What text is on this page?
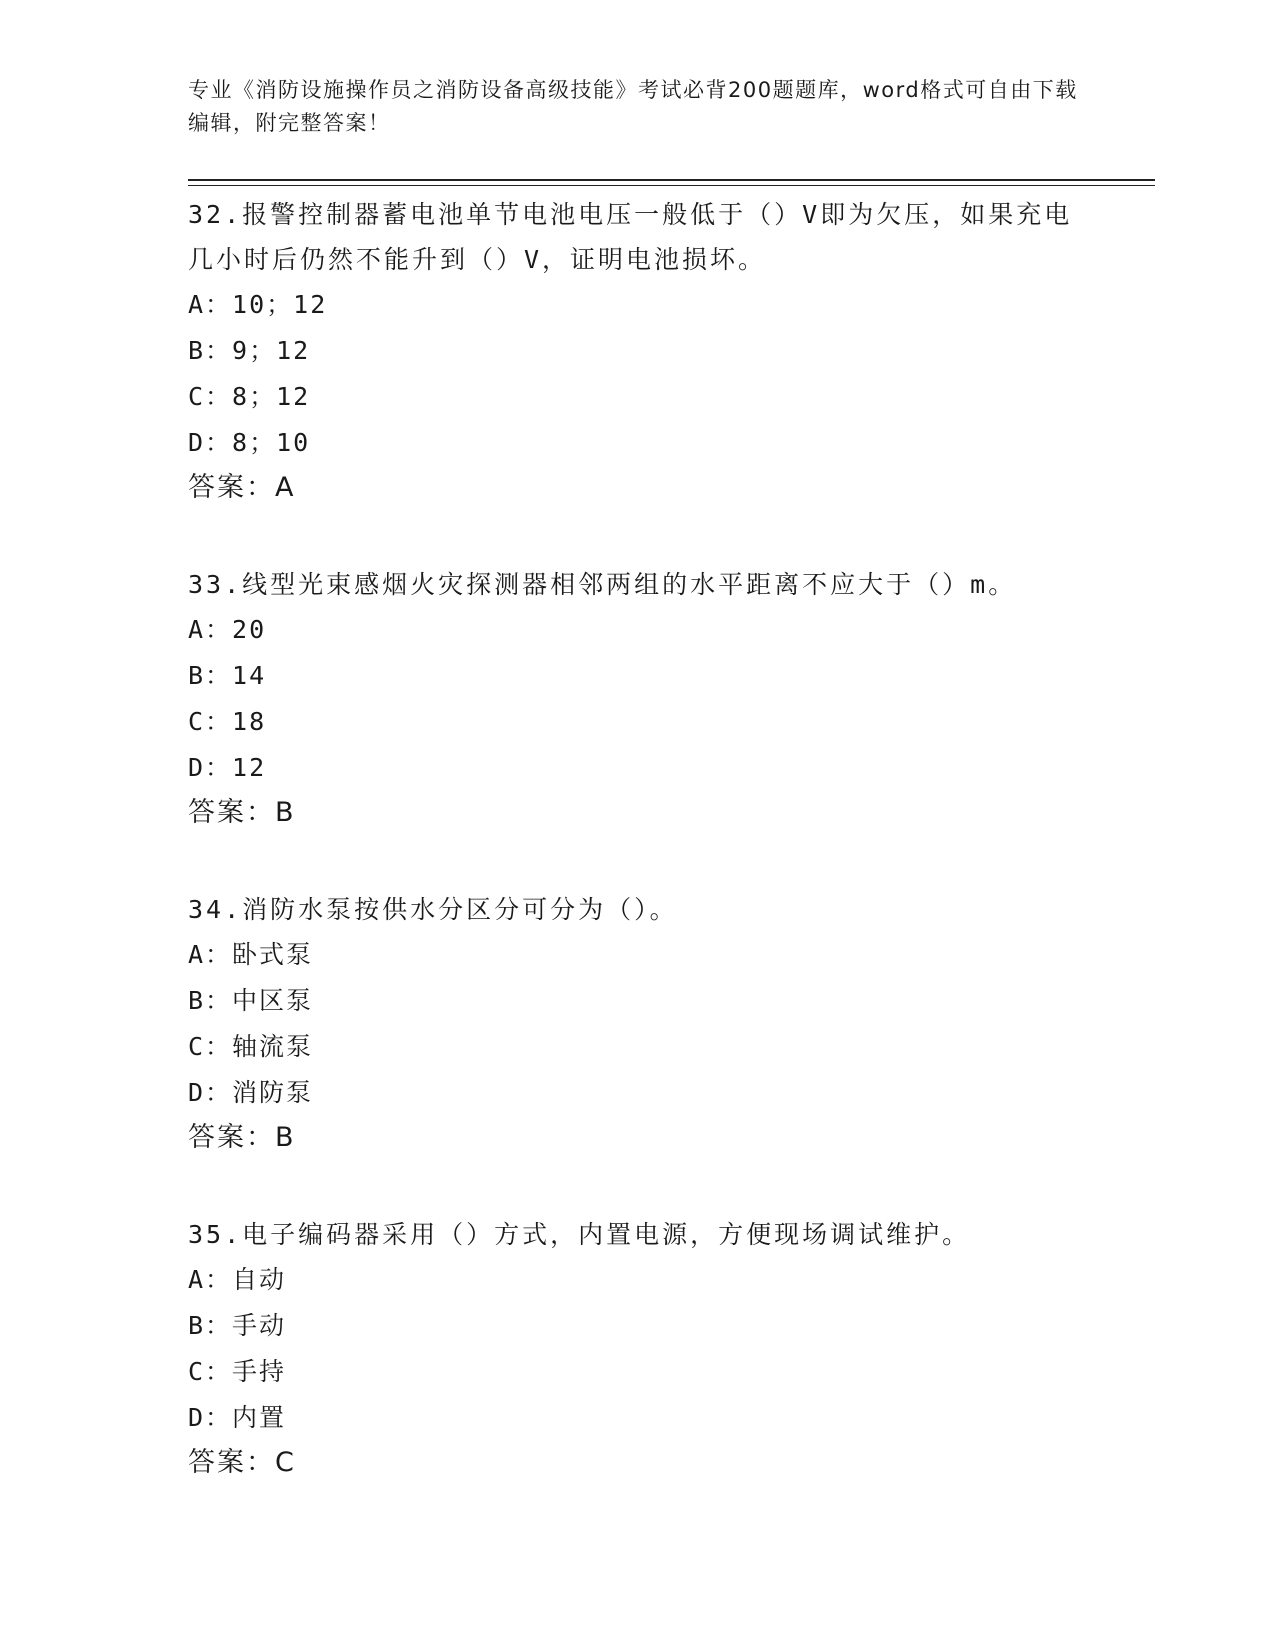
专业《消防设施操作员之消防设备高级技能》考试必背200题题库，word格式可自由下载编辑，附完整答案！
32.报警控制器蓄电池单节电池电压一般低于（）V即为欠压，如果充电几小时后仍然不能升到（）V，证明电池损坏。
A：10；12
B：9；12
C：8；12
D：8；10
答案：A
33.线型光束感烟火灾探测器相邻两组的水平距离不应大于（）m。
A：20
B：14
C：18
D：12
答案：B
34.消防水泵按供水分区分可分为（）。
A：卧式泵
B：中区泵
C：轴流泵
D：消防泵
答案：B
35.电子编码器采用（）方式，内置电源，方便现场调试维护。
A：自动
B：手动
C：手持
D：内置
答案：C
